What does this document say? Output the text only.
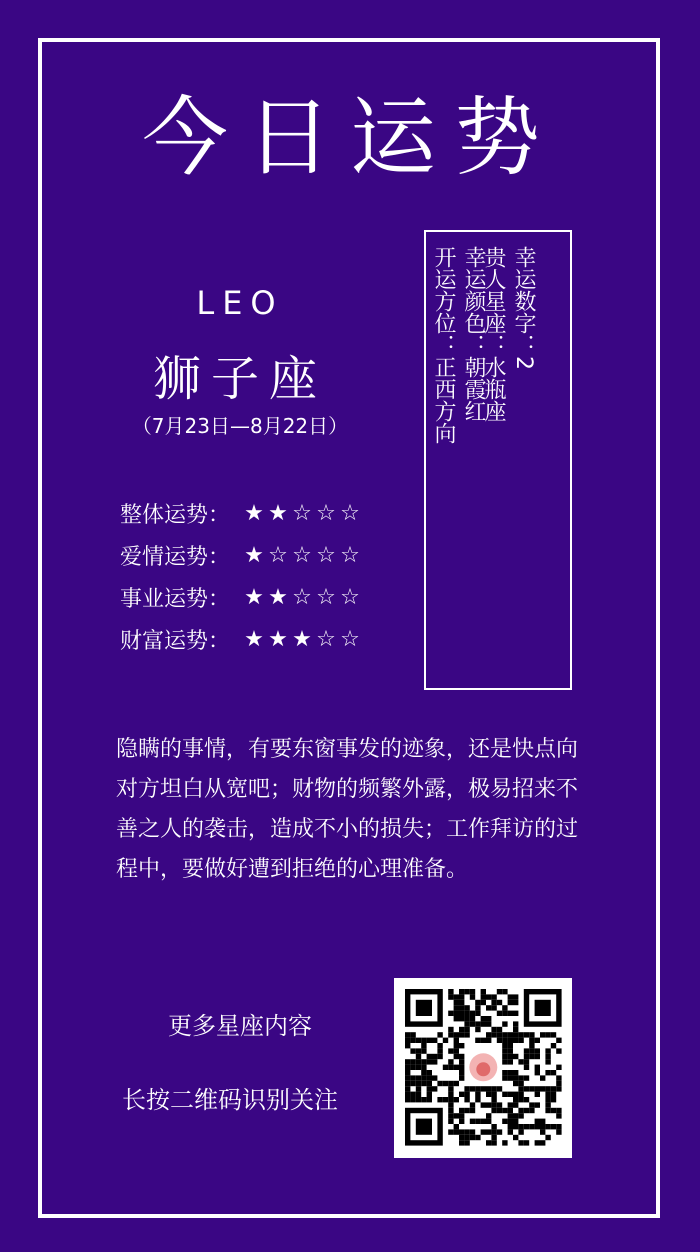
今日运势
LEO
狮子座
（7月23日—8月22日）
整体运势： ★ ★ ☆ ☆ ☆
爱情运势： ★ ☆ ☆ ☆ ☆
事业运势： ★ ★ ☆ ☆ ☆
财富运势： ★ ★ ★ ☆ ☆
幸运数字：2
贵人星座：水瓶座
幸运颜色：朝霞红
开运方位：正西方向
隐瞒的事情，有要东窗事发的迹象，还是快点向对方坦白从宽吧；财物的频繁外露，极易招来不善之人的袭击，造成不小的损失；工作拜访的过程中，要做好遭到拒绝的心理准备。
更多星座内容
长按二维码识别关注
